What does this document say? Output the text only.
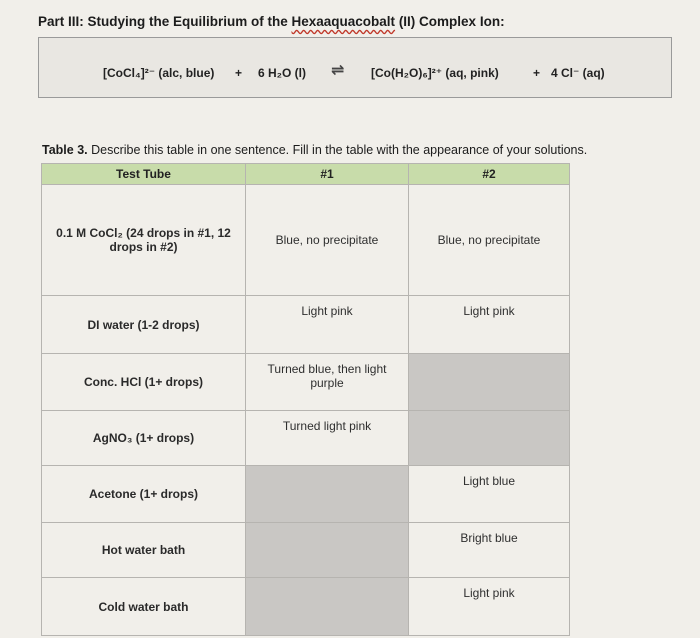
Part III: Studying the Equilibrium of the Hexaaquacobalt (II) Complex Ion:
[CoCl₄]²⁻ (alc, blue) + 6 H₂O (l) ⇌ [Co(H₂O)₆]²⁺ (aq, pink)	+ 4 Cl⁻ (aq)
Table 3. Describe this table in one sentence. Fill in the table with the appearance of your solutions.
Test Tube	#1	#2
0.1 M CoCl₂ (24 drops in #1, 12 drops in #2)	Blue, no precipitate	Blue, no precipitate
DI water (1-2 drops)	Light pink	Light pink
Conc. HCl (1+ drops)	Turned blue, then light purple	
AgNO₃ (1+ drops)	Turned light pink	
Acetone (1+ drops)		Light blue
Hot water bath		Bright blue
Cold water bath		Light pink
